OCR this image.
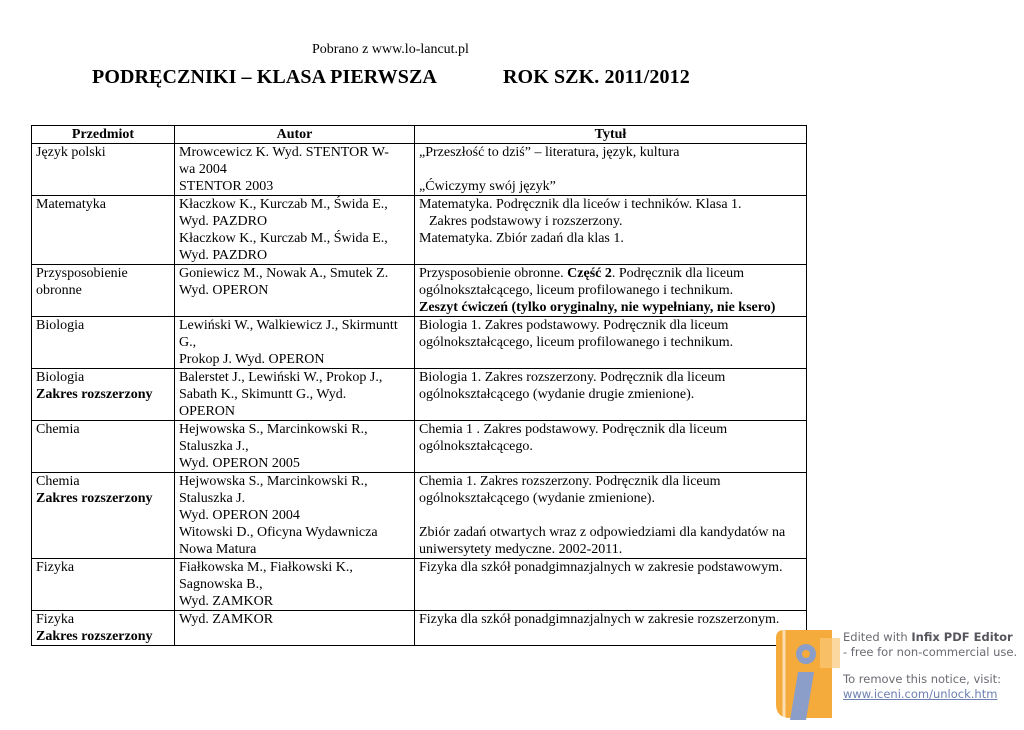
Pobrano z www.lo-lancut.pl
PODRĘCZNIKI – KLASA PIERWSZA	ROK SZK. 2011/2012
Przedmiot	Autor	Tytuł

Język polski	Mrowcewicz K. Wyd. STENTOR W-
wa 2004
STENTOR 2003	„Przeszłość to dziś” – literatura, język, kultura
„Ćwiczymy swój język”

Matematyka	Kłaczkow K., Kurczab M., Świda E.,
Wyd. PAZDRO
Kłaczkow K., Kurczab M., Świda E.,
Wyd. PAZDRO	Matematyka. Podręcznik dla liceów i techników. Klasa 1.
Zakres podstawowy i rozszerzony.
Matematyka. Zbiór zadań dla klas 1.

Przysposobienie
obronne	Goniewicz M., Nowak A., Smutek Z.
Wyd. OPERON	Przysposobienie obronne. Część 2. Podręcznik dla liceum
ogólnokształcącego, liceum profilowanego i technikum.
Zeszyt ćwiczeń (tylko oryginalny, nie wypełniany, nie ksero)

Biologia	Lewiński W., Walkiewicz J., Skirmuntt
G.,
Prokop J. Wyd. OPERON	Biologia 1. Zakres podstawowy. Podręcznik dla liceum
ogólnokształcącego, liceum profilowanego i technikum.

Biologia
Zakres rozszerzony	Balerstet J., Lewiński W., Prokop J.,
Sabath K., Skimuntt G., Wyd.
OPERON	Biologia 1. Zakres rozszerzony. Podręcznik dla liceum
ogólnokształcącego (wydanie drugie zmienione).

Chemia	Hejwowska S., Marcinkowski R.,
Staluszka J.,
Wyd. OPERON 2005	Chemia 1 . Zakres podstawowy. Podręcznik dla liceum
ogólnokształcącego.

Chemia
Zakres rozszerzony	Hejwowska S., Marcinkowski R.,
Staluszka J.
Wyd. OPERON 2004
Witowski D., Oficyna Wydawnicza
Nowa Matura	Chemia 1. Zakres rozszerzony. Podręcznik dla liceum
ogólnokształcącego (wydanie zmienione).
Zbiór zadań otwartych wraz z odpowiedziami dla kandydatów na
uniwersytety medyczne. 2002-2011.

Fizyka	Fiałkowska M., Fiałkowski K.,
Sagnowska B.,
Wyd. ZAMKOR	Fizyka dla szkół ponadgimnazjalnych w zakresie podstawowym.

Fizyka
Zakres rozszerzony	Wyd. ZAMKOR	Fizyka dla szkół ponadgimnazjalnych w zakresie rozszerzonym.
Edited with Infix PDF Editor
- free for non-commercial use.
To remove this notice, visit:
www.iceni.com/unlock.htm
